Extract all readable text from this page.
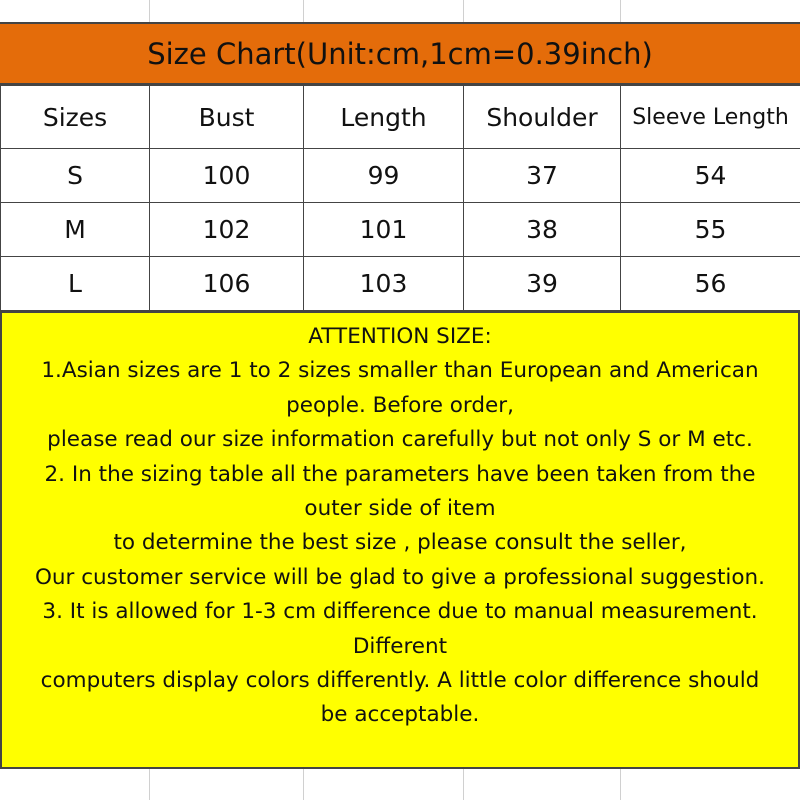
Size Chart(Unit:cm,1cm=0.39inch)
Sizes	Bust	Length	Shoulder	Sleeve Length
S	100	99	37	54
M	102	101	38	55
L	106	103	39	56
ATTENTION SIZE:
1.Asian sizes are 1 to 2 sizes smaller than European and American
people. Before order,
please read our size information carefully but not only S or M etc.
2. In the sizing table all the parameters have been taken from the
outer side of item
to determine the best size , please consult the seller,
Our customer service will be glad to give a professional suggestion.
3. It is allowed for 1-3 cm difference due to manual measurement.
Different
computers display colors differently. A little color difference should
be acceptable.
